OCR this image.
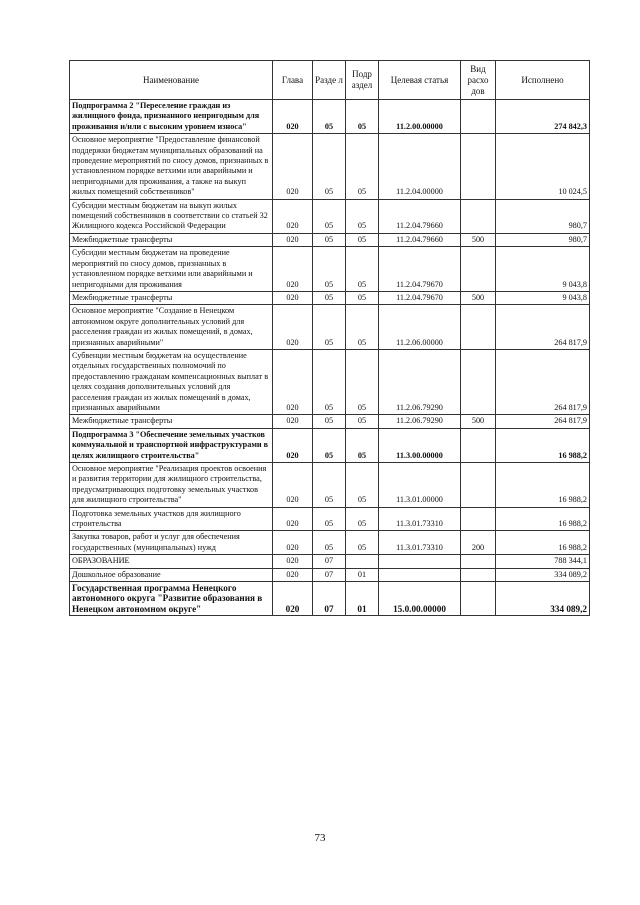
Наименование	Глава	Разде л	Подр аздел	Целевая статья	Вид расхо дов	Исполнено
Подпрограмма 2 "Переселение граждан из жилищного фонда, признанного непригодным для проживания и/или с высоким уровнем износа"	020	05	05	11.2.00.00000		274 842,3
Основное мероприятие "Предоставление финансовой поддержки бюджетам муниципальных образований на проведение мероприятий по сносу домов, признанных в установленном порядке ветхими или аварийными и непригодными для проживания, а также на выкуп жилых помещений собственников"	020	05	05	11.2.04.00000		10 024,5
Субсидии местным бюджетам на выкуп жилых помещений собственников в соответствии со статьей 32 Жилищного кодекса Российской Федерации	020	05	05	11.2.04.79660		980,7
Межбюджетные трансферты	020	05	05	11.2.04.79660	500	980,7
Субсидии местным бюджетам на проведение мероприятий по сносу домов, признанных в установленном порядке ветхими или аварийными и непригодными для проживания	020	05	05	11.2.04.79670		9 043,8
Межбюджетные трансферты	020	05	05	11.2.04.79670	500	9 043,8
Основное мероприятие "Создание в Ненецком автономном округе дополнительных условий для расселения граждан из жилых помещений, в домах, признанных аварийными"	020	05	05	11.2.06.00000		264 817,9
Субвенции местным бюджетам на осуществление отдельных государственных полномочий по предоставлению гражданам компенсационных выплат в целях создания дополнительных условий для расселения граждан из жилых помещений в домах, признанных аварийными	020	05	05	11.2.06.79290		264 817,9
Межбюджетные трансферты	020	05	05	11.2.06.79290	500	264 817,9
Подпрограмма 3 "Обеспечение земельных участков коммунальной и транспортной инфраструктурами в целях жилищного строительства"	020	05	05	11.3.00.00000		16 988,2
Основное мероприятие "Реализация проектов освоения и развития территории для жилищного строительства, предусматривающих подготовку земельных участков для жилищного строительства"	020	05	05	11.3.01.00000		16 988,2
Подготовка земельных участков для жилищного строительства	020	05	05	11.3.01.73310		16 988,2
Закупка товаров, работ и услуг для обеспечения государственных (муниципальных) нужд	020	05	05	11.3.01.73310	200	16 988,2
ОБРАЗОВАНИЕ	020	07				788 344,1
Дошкольное образование	020	07	01			334 089,2
Государственная программа Ненецкого автономного округа "Развитие образования в Ненецком автономном округе"	020	07	01	15.0.00.00000		334 089,2
73
